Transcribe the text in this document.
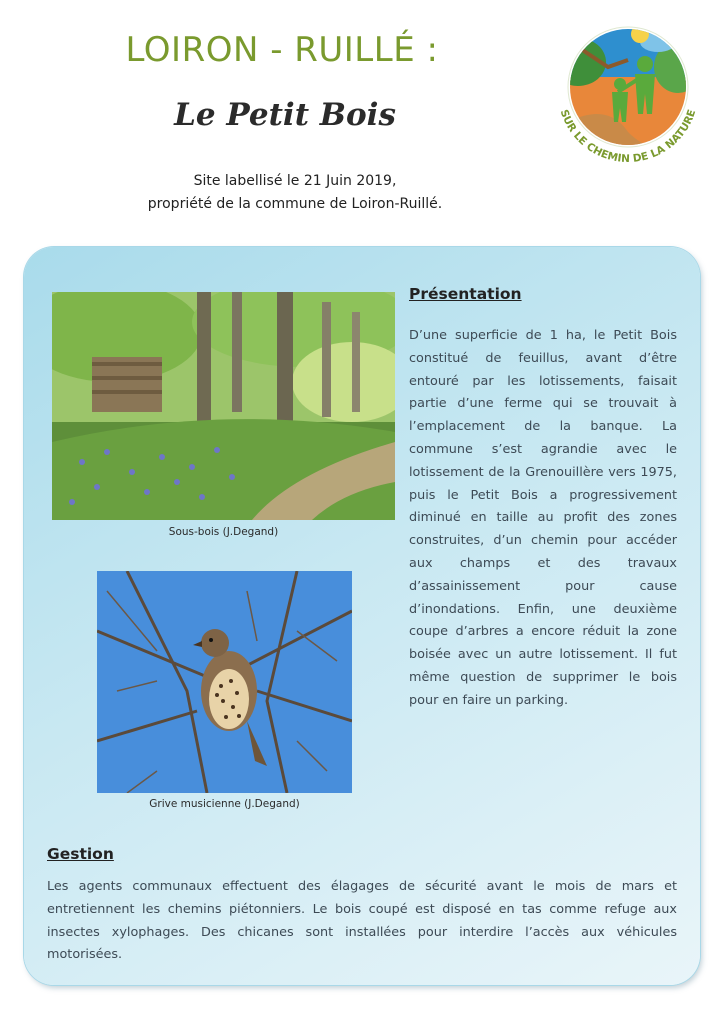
LOIRON - RUILLÉ :
Le Petit Bois
Site labellisé le 21 Juin 2019,
propriété de la commune de Loiron-Ruillé.
SUR LE CHEMIN DE LA NATURE
Sous-bois (J.Degand)
Grive musicienne (J.Degand)
Présentation

D’une superficie de 1 ha, le Petit Bois constitué de feuillus, avant d’être entouré par les lotissements, faisait partie d’une ferme qui se trouvait à l’emplacement de la banque. La commune s’est agrandie avec le lotissement de la Grenouillère vers 1975, puis le Petit Bois a progressivement diminué en taille au profit des zones construites, d’un chemin pour accéder aux champs et des travaux d’assainissement pour cause d’inondations. Enfin, une deuxième coupe d’arbres a encore réduit la zone boisée avec un autre lotissement. Il fut même question de supprimer le bois pour en faire un parking.

Gestion

Les agents communaux effectuent des élagages de sécurité avant le mois de mars et entretiennent les chemins piétonniers. Le bois coupé est disposé en tas comme refuge aux insectes xylophages. Des chicanes sont installées pour interdire l’accès aux véhicules motorisées.
